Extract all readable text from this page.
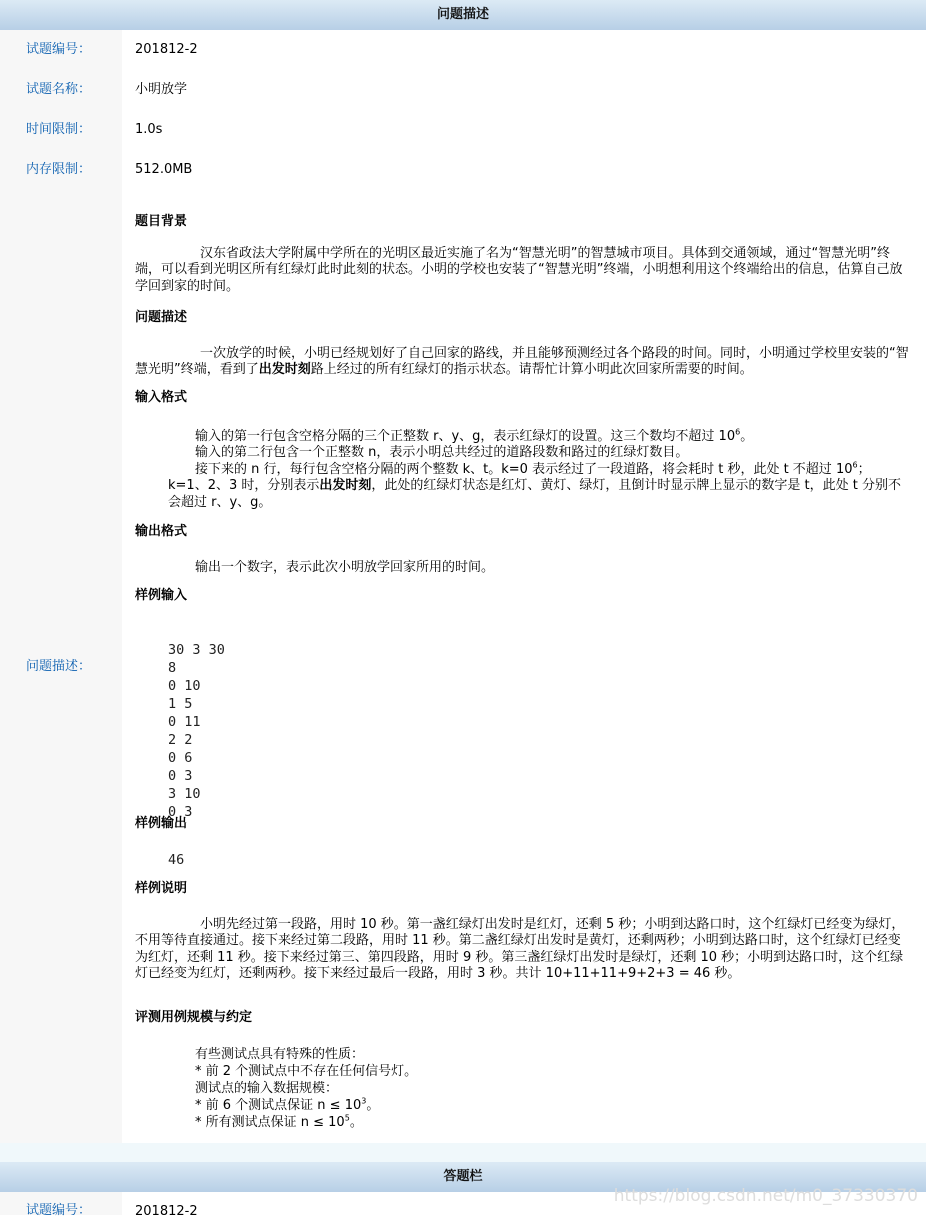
问题描述
试题编号：	201812-2
试题名称：	小明放学
时间限制：	1.0s
内存限制：	512.0MB
问题描述：
题目背景
汉东省政法大学附属中学所在的光明区最近实施了名为“智慧光明”的智慧城市项目。具体到交通领域，通过“智慧光明”终端，可以看到光明区所有红绿灯此时此刻的状态。小明的学校也安装了“智慧光明”终端，小明想利用这个终端给出的信息，估算自己放学回到家的时间。
问题描述
一次放学的时候，小明已经规划好了自己回家的路线，并且能够预测经过各个路段的时间。同时，小明通过学校里安装的“智慧光明”终端，看到了出发时刻路上经过的所有红绿灯的指示状态。请帮忙计算小明此次回家所需要的时间。
输入格式
输入的第一行包含空格分隔的三个正整数 r、y、g，表示红绿灯的设置。这三个数均不超过 $10^6$。
输入的第二行包含一个正整数 n，表示小明总共经过的道路段数和路过的红绿灯数目。
接下来的 n 行，每行包含空格分隔的两个整数 k、t。k=0 表示经过了一段道路，将会耗时 t 秒，此处 t 不超过 $10^6$；k=1、2、3 时，分别表示出发时刻，此处的红绿灯状态是红灯、黄灯、绿灯，且倒计时显示牌上显示的数字是 t，此处 t 分别不会超过 r、y、g。
输出格式
输出一个数字，表示此次小明放学回家所用的时间。
样例输入

30 3 30
8
0 10
1 5
0 11
2 2
0 6
0 3
3 10
0 3
样例输出
46
样例说明
小明先经过第一段路，用时 10 秒。第一盏红绿灯出发时是红灯，还剩 5 秒；小明到达路口时，这个红绿灯已经变为绿灯，不用等待直接通过。接下来经过第二段路，用时 11 秒。第二盏红绿灯出发时是黄灯，还剩两秒；小明到达路口时，这个红绿灯已经变为红灯，还剩 11 秒。接下来经过第三、第四段路，用时 9 秒。第三盏红绿灯出发时是绿灯，还剩 10 秒；小明到达路口时，这个红绿灯已经变为红灯，还剩两秒。接下来经过最后一段路，用时 3 秒。共计 10+11+11+9+2+3 = 46 秒。
评测用例规模与约定
有些测试点具有特殊的性质：
* 前 2 个测试点中不存在任何信号灯。
测试点的输入数据规模：
* 前 6 个测试点保证 $n \le 10^3$。
* 所有测试点保证 $n \le 10^5$。
答题栏
试题编号：	201812-2
https://blog.csdn.net/m0_37330370
